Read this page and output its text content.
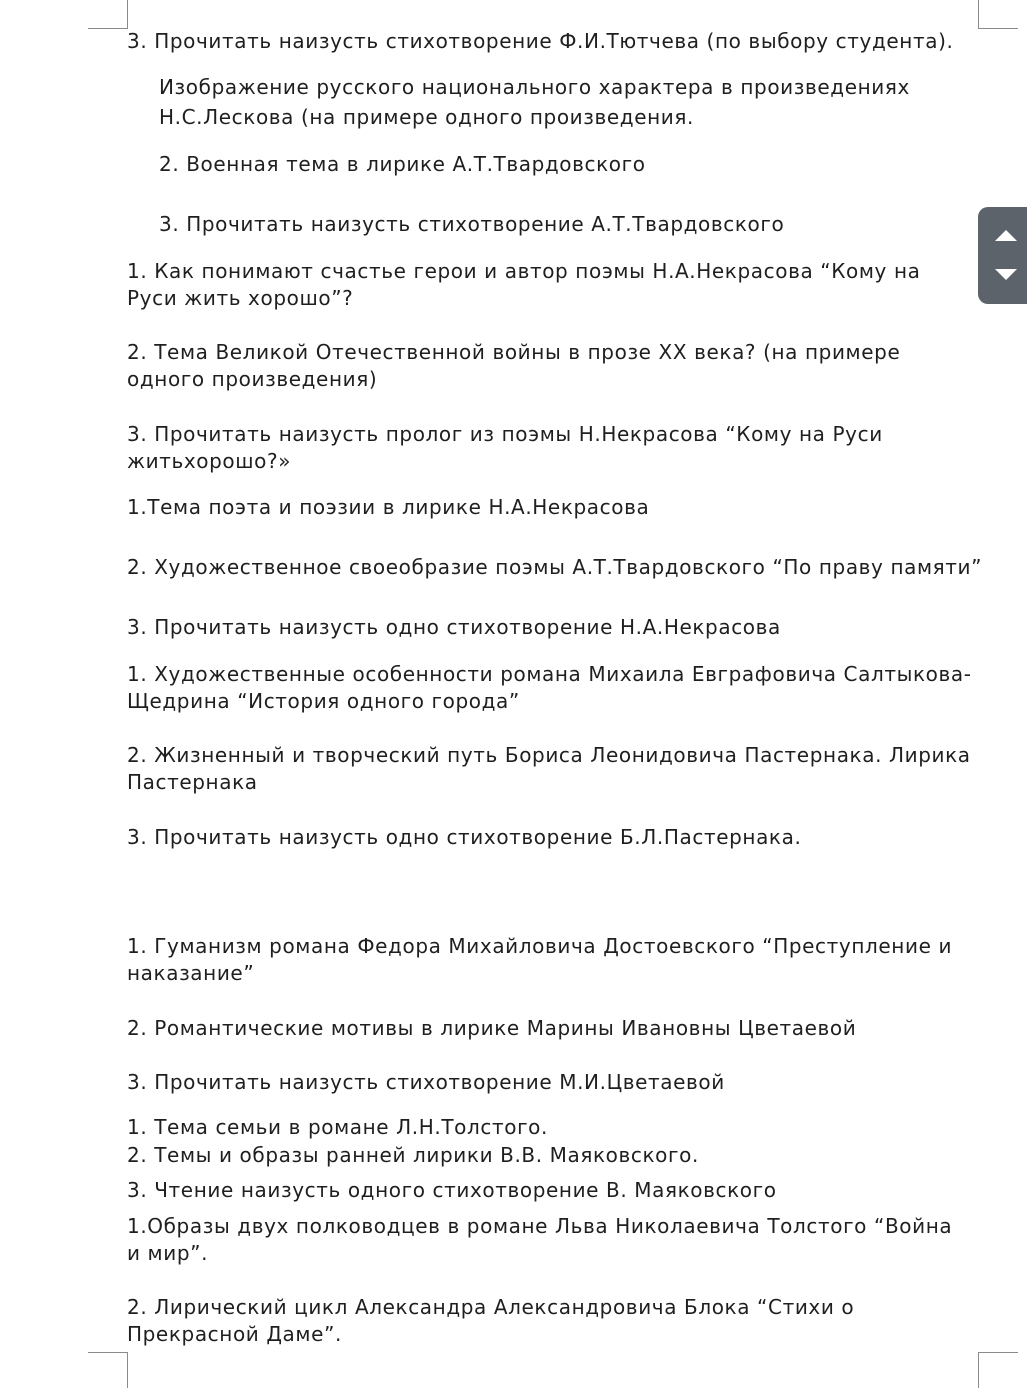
3. Прочитать наизусть стихотворение Ф.И.Тютчева (по выбору студента).
Изображение русского национального характера в произведениях
Н.С.Лескова (на примере одного произведения.
2. Военная тема в лирике А.Т.Твардовского
3. Прочитать наизусть стихотворение А.Т.Твардовского
1. Как понимают счастье герои и автор поэмы Н.А.Некрасова “Кому на
Руси жить хорошо”?
2. Тема Великой Отечественной войны в прозе XX века? (на примере
одного произведения)
3. Прочитать наизусть пролог из поэмы Н.Некрасова “Кому на Руси
житьхорошо?»
1.Тема поэта и поэзии в лирике Н.А.Некрасова
2. Художественное своеобразие поэмы А.Т.Твардовского “По праву памяти”
3. Прочитать наизусть одно стихотворение Н.А.Некрасова
1. Художественные особенности романа Михаила Евграфовича Салтыкова-
Щедрина “История одного города”
2. Жизненный и творческий путь Бориса Леонидовича Пастернака. Лирика
Пастернака
3. Прочитать наизусть одно стихотворение Б.Л.Пастернака.
1. Гуманизм романа Федора Михайловича Достоевского “Преступление и
наказание”
2. Романтические мотивы в лирике Марины Ивановны Цветаевой
3. Прочитать наизусть стихотворение М.И.Цветаевой
1. Тема семьи в романе Л.Н.Толстого.
2. Темы и образы ранней лирики В.В. Маяковского.
3. Чтение наизусть одного стихотворение В. Маяковского
1.Образы двух полководцев в романе Льва Николаевича Толстого “Война
и мир”.
2. Лирический цикл Александра Александровича Блока “Стихи о
Прекрасной Даме”.
